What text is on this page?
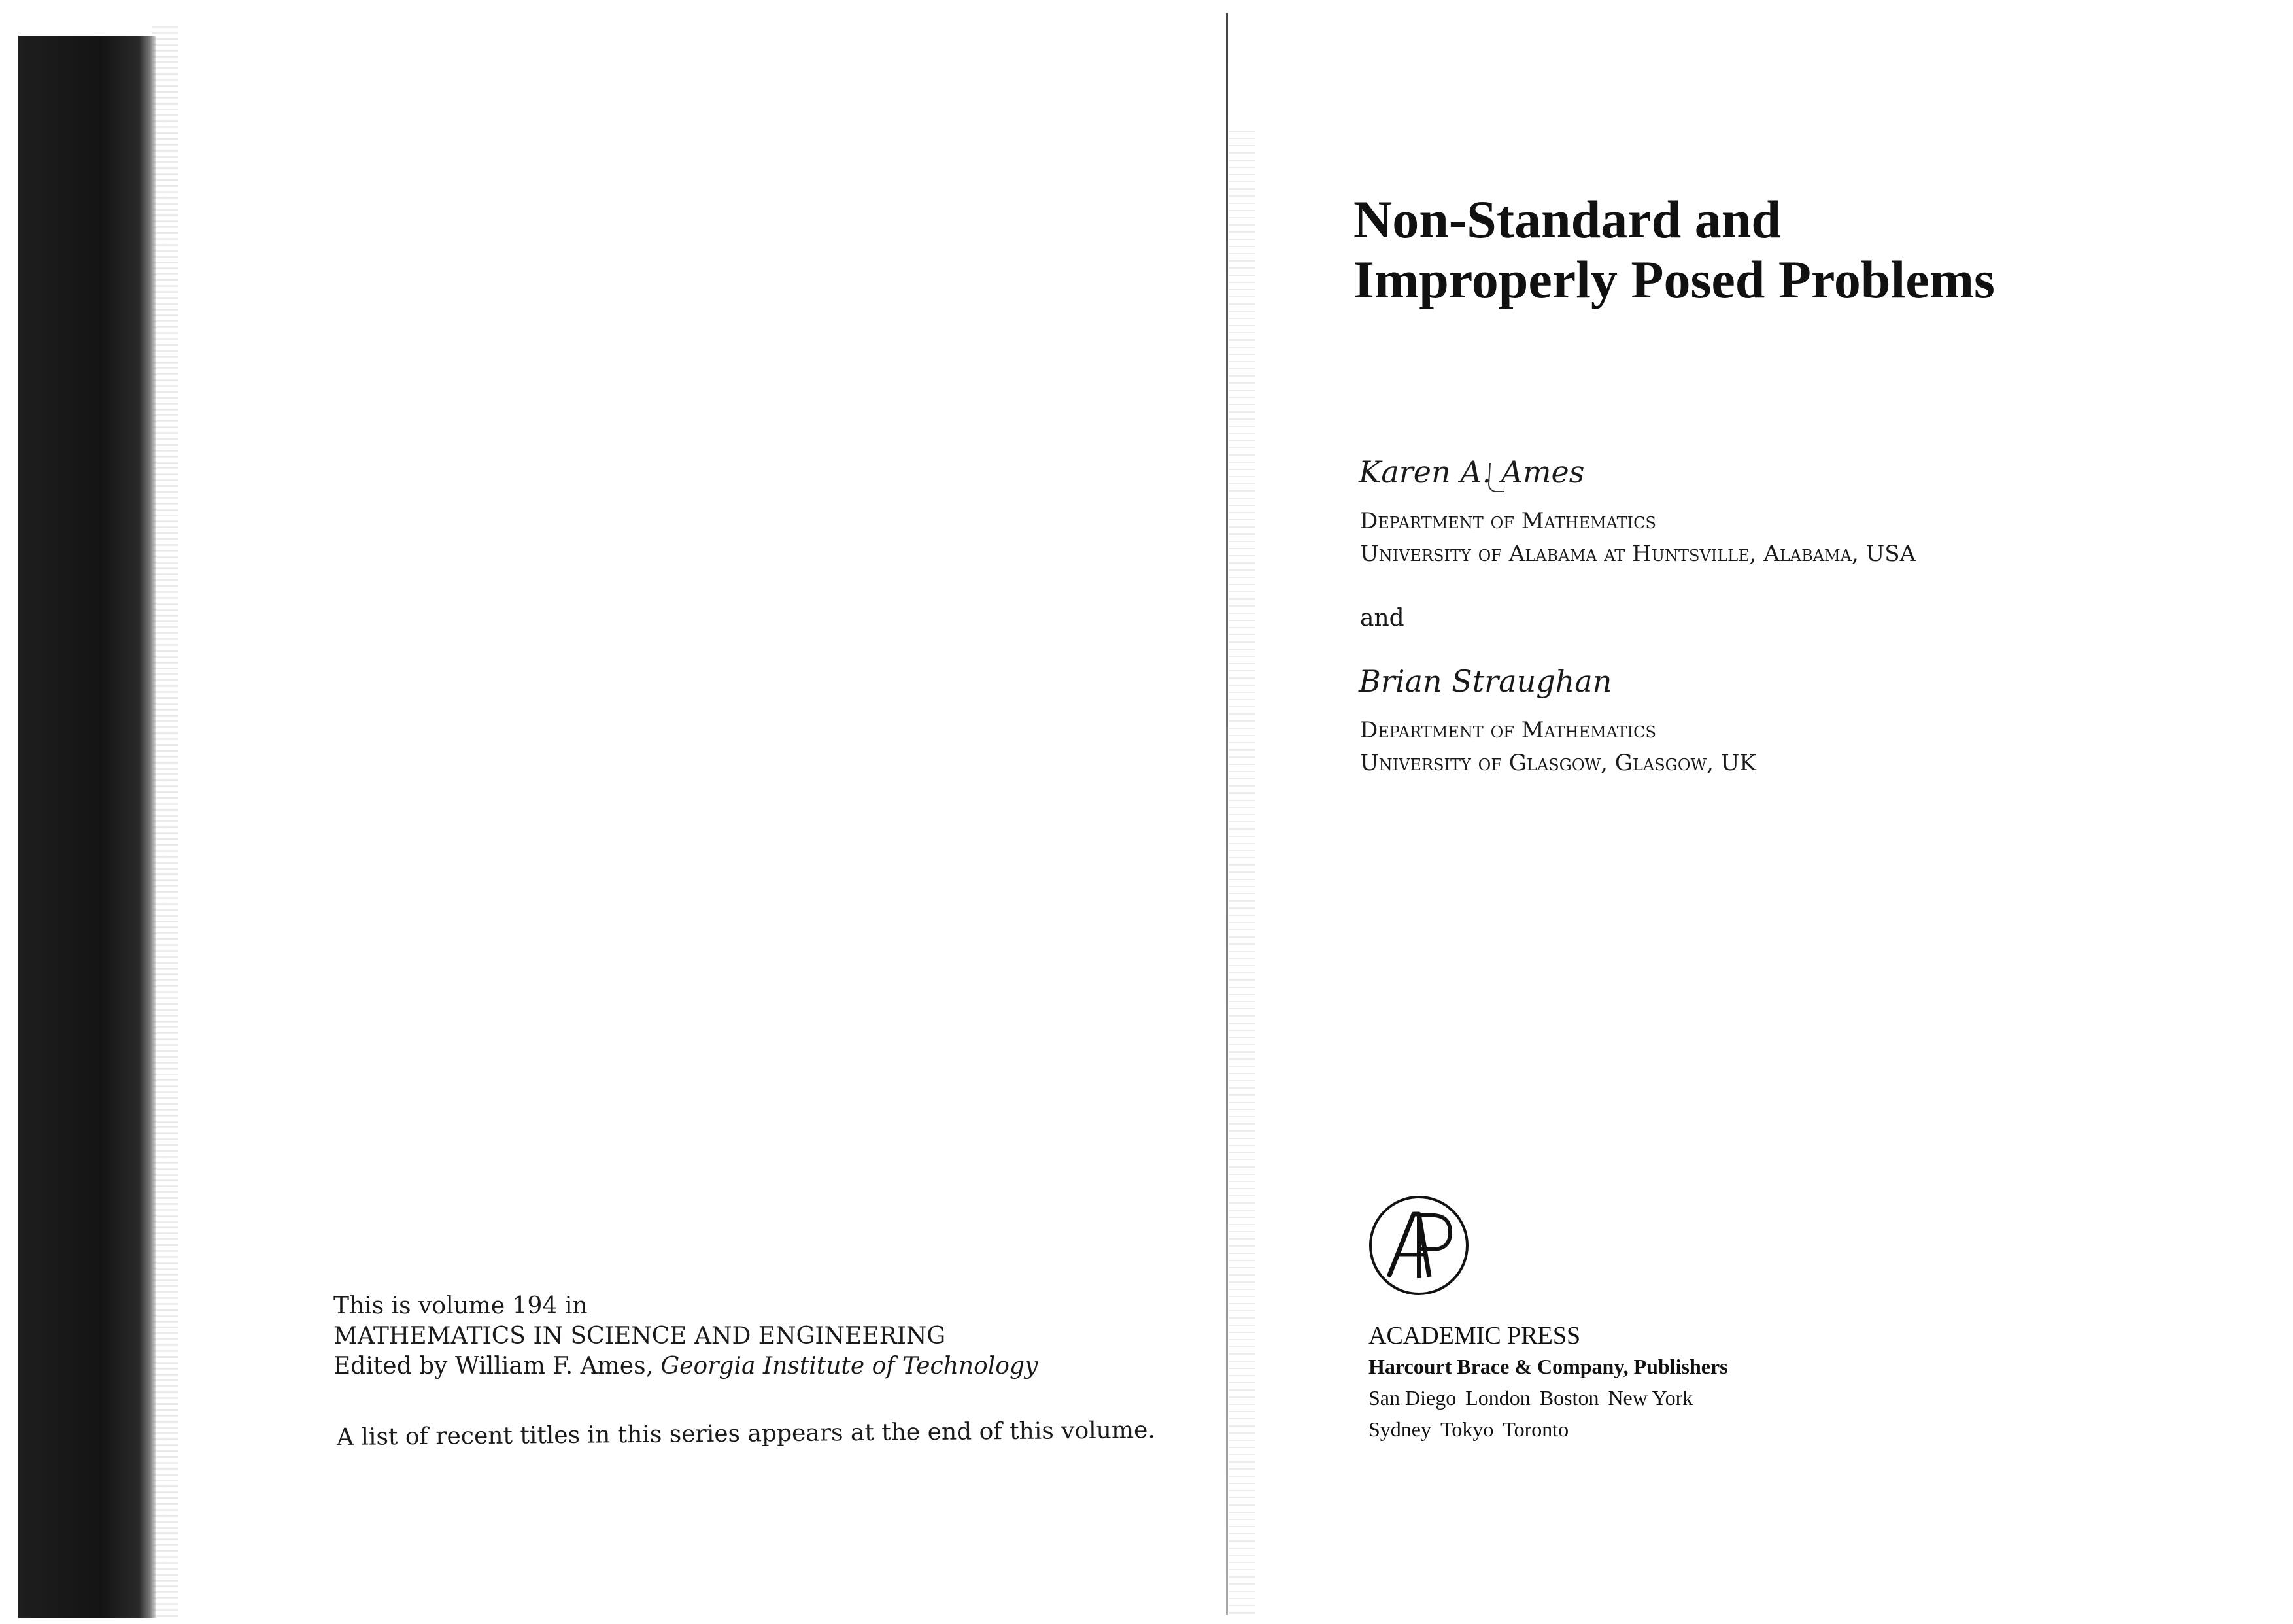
This is volume 194 in
MATHEMATICS IN SCIENCE AND ENGINEERING
Edited by William F. Ames, Georgia Institute of Technology
A list of recent titles in this series appears at the end of this volume.
Non-Standard and
Improperly Posed Problems
Karen A. Ames
Department of Mathematics
University of Alabama at Huntsville, Alabama, USA
and
Brian Straughan
Department of Mathematics
University of Glasgow, Glasgow, UK
ACADEMIC PRESS
Harcourt Brace & Company, Publishers
San Diego London Boston New York
Sydney Tokyo Toronto
